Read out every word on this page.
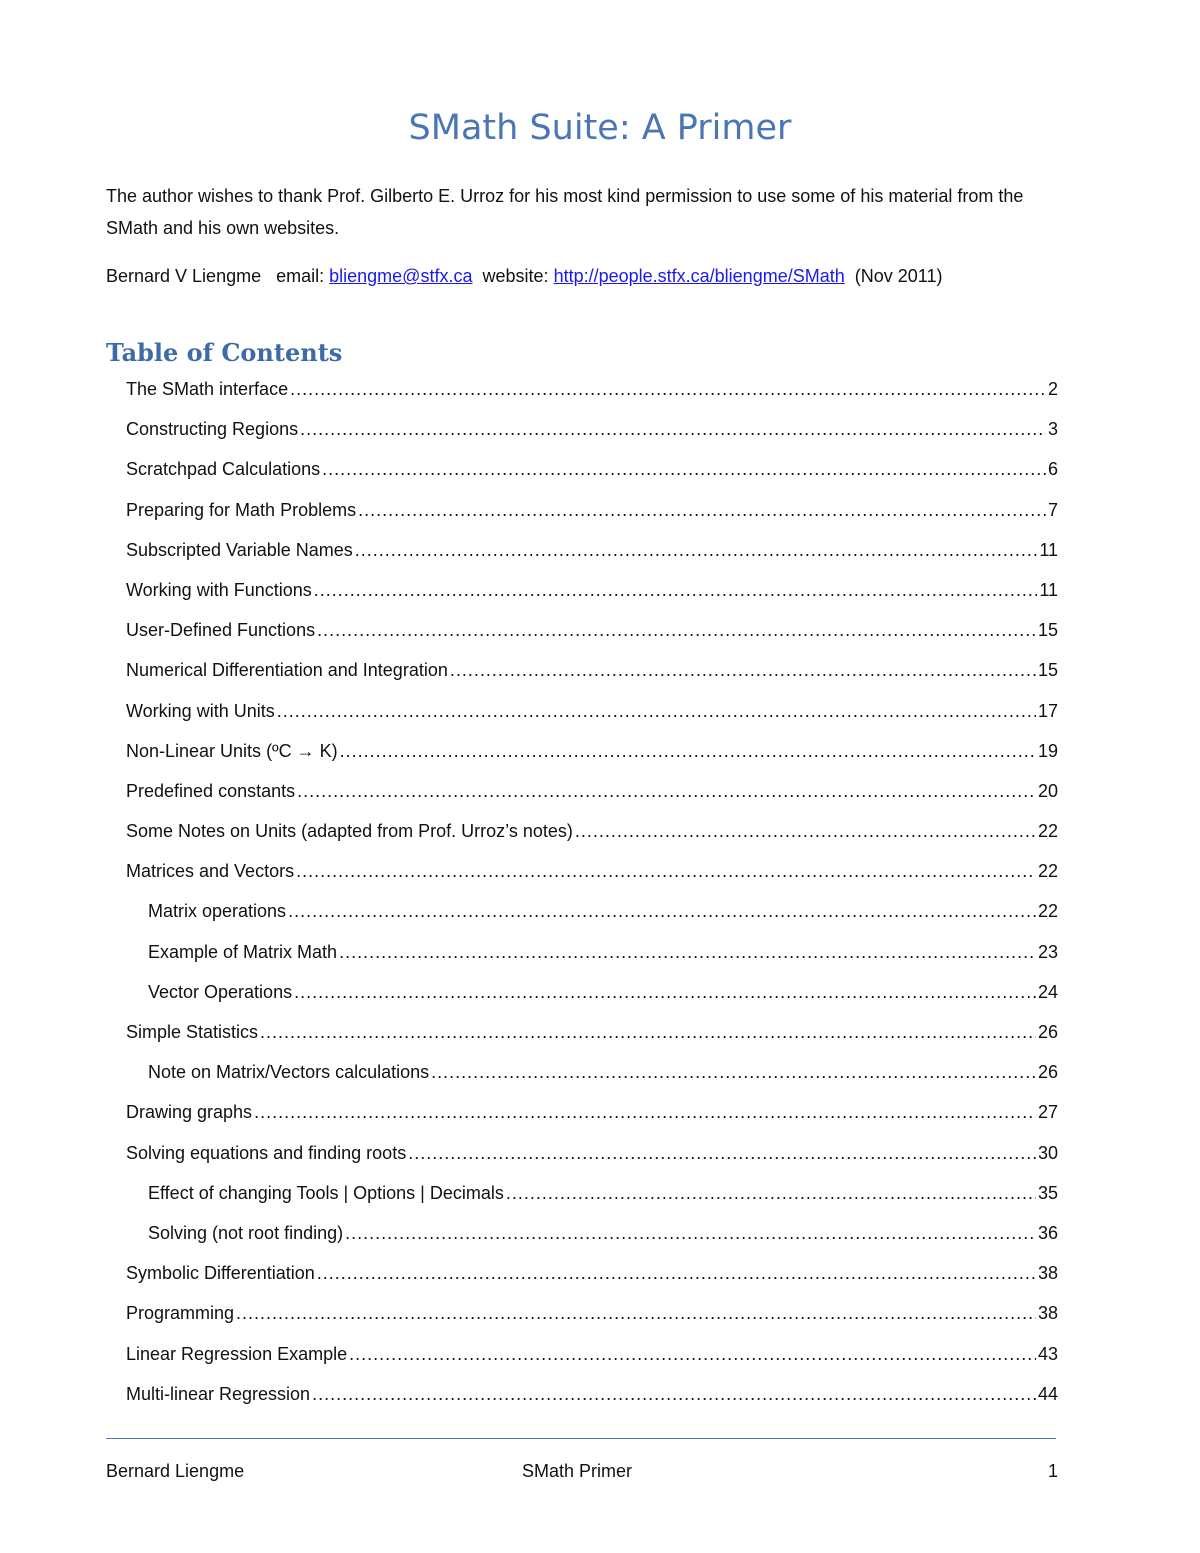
SMath Suite: A Primer
The author wishes to thank Prof. Gilberto E. Urroz for his most kind permission to use some of his material from the SMath and his own websites.
Bernard V Liengme email: bliengme@stfx.ca website: http://people.stfx.ca/bliengme/SMath (Nov 2011)
Table of Contents
The SMath interface .....	2
Constructing Regions .....	3
Scratchpad Calculations .....	6
Preparing for Math Problems .....	7
Subscripted Variable Names .....	11
Working with Functions .....	11
User-Defined Functions .....	15
Numerical Differentiation and Integration .....	15
Working with Units .....	17
Non-Linear Units (ºC → K) .....	19
Predefined constants .....	20
Some Notes on Units (adapted from Prof. Urroz’s notes) .....	22
Matrices and Vectors .....	22
Matrix operations .....	22
Example of Matrix Math .....	23
Vector Operations .....	24
Simple Statistics .....	26
Note on Matrix/Vectors calculations .....	26
Drawing graphs .....	27
Solving equations and finding roots .....	30
Effect of changing Tools | Options | Decimals .....	35
Solving (not root finding) .....	36
Symbolic Differentiation .....	38
Programming .....	38
Linear Regression Example .....	43
Multi-linear Regression .....	44
Bernard Liengme	SMath Primer	1
